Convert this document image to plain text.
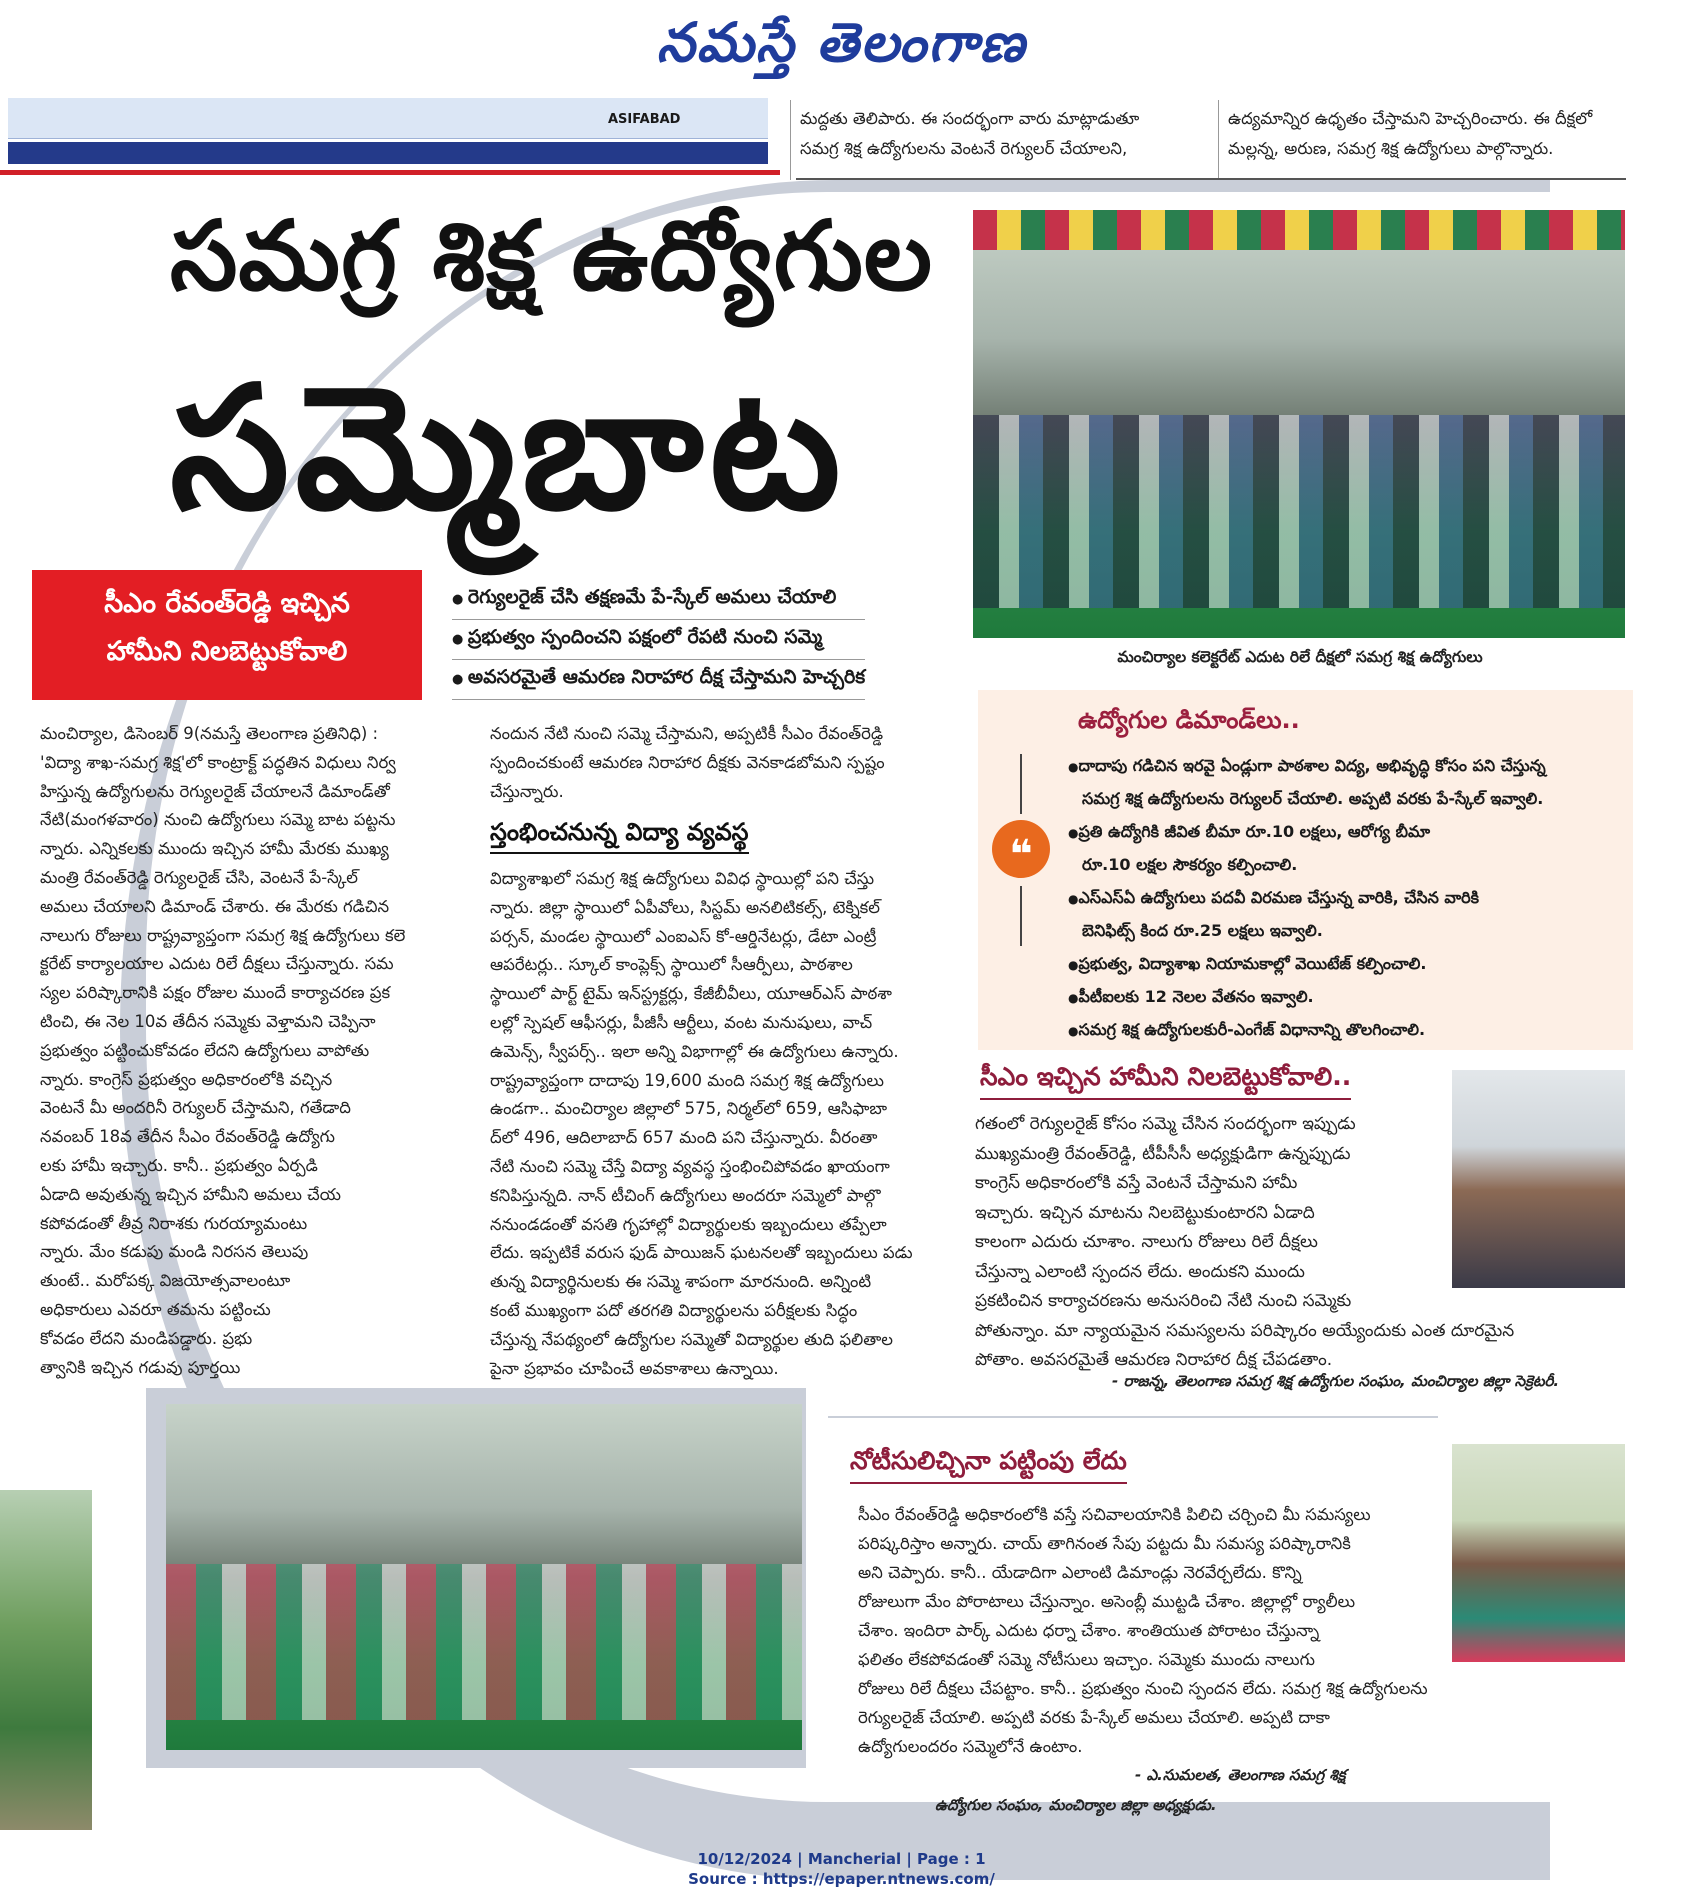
నమస్తే తెలంగాణ
ASIFABAD	మద్దతు తెలిపారు. ఈ సందర్భంగా వారు మాట్లాడుతూ
సమగ్ర శిక్ష ఉద్యోగులను వెంటనే రెగ్యులర్ చేయాలని,
ఉద్యమాన్నిర ఉధృతం చేస్తామని హెచ్చరించారు. ఈ దీక్షలో
మల్లన్న, అరుణ, సమగ్ర శిక్ష ఉద్యోగులు పాల్గొన్నారు.
సమగ్ర శిక్ష ఉద్యోగుల
సమ్మెబాట
మంచిర్యాల కలెక్టరేట్ ఎదుట రిలే దీక్షలో సమగ్ర శిక్ష ఉద్యోగులు
సీఎం రేవంత్‌రెడ్డి ఇచ్చిన
హామీని నిలబెట్టుకోవాలి
● రెగ్యులరైజ్ చేసి తక్షణమే పే-స్కేల్ అమలు చేయాలి
● ప్రభుత్వం స్పందించని పక్షంలో రేపటి నుంచి సమ్మె
● అవసరమైతే ఆమరణ నిరాహార దీక్ష చేస్తామని హెచ్చరిక
మంచిర్యాల, డిసెంబర్ 9(నమస్తే తెలంగాణ ప్రతినిధి) :
'విద్యా శాఖ-సమగ్ర శిక్ష'లో కాంట్రాక్ట్ పద్ధతిన విధులు నిర్వ
హిస్తున్న ఉద్యోగులను రెగ్యులరైజ్ చేయాలనే డిమాండ్‌తో
నేటి(మంగళవారం) నుంచి ఉద్యోగులు సమ్మె బాట పట్టను
న్నారు. ఎన్నికలకు ముందు ఇచ్చిన హామీ మేరకు ముఖ్య
మంత్రి రేవంత్‌రెడ్డి రెగ్యులరైజ్ చేసి, వెంటనే పే-స్కేల్
అమలు చేయాలని డిమాండ్ చేశారు. ఈ మేరకు గడిచిన
నాలుగు రోజులు రాష్ట్రవ్యాప్తంగా సమగ్ర శిక్ష ఉద్యోగులు కలె
క్టరేట్ కార్యాలయాల ఎదుట రిలే దీక్షలు చేస్తున్నారు. సమ
స్యల పరిష్కారానికి పక్షం రోజుల ముందే కార్యాచరణ ప్రక
టించి, ఈ నెల 10వ తేదీన సమ్మెకు వెళ్తామని చెప్పినా
ప్రభుత్వం పట్టించుకోవడం లేదని ఉద్యోగులు వాపోతు
న్నారు. కాంగ్రెస్ ప్రభుత్వం అధికారంలోకి వచ్చిన
వెంటనే మీ అందరినీ రెగ్యులర్ చేస్తామని, గతేడాది
నవంబర్ 18వ తేదీన సీఎం రేవంత్‌రెడ్డి ఉద్యోగు
లకు హామీ ఇచ్చారు. కానీ.. ప్రభుత్వం ఏర్పడి
ఏడాది అవుతున్న ఇచ్చిన హామీని అమలు చేయ
కపోవడంతో తీవ్ర నిరాశకు గురయ్యామంటు
న్నారు. మేం కడుపు మండి నిరసన తెలుపు
తుంటే.. మరోపక్క విజయోత్సవాలంటూ
అధికారులు ఎవరూ తమను పట్టించు
కోవడం లేదని మండిపడ్డారు. ప్రభు
త్వానికి ఇచ్చిన గడువు పూర్తయి
నందున నేటి నుంచి సమ్మె చేస్తామని, అప్పటికీ సీఎం రేవంత్‌రెడ్డి
స్పందించకుంటే ఆమరణ నిరాహార దీక్షకు వెనకాడబోమని స్పష్టం
చేస్తున్నారు.
స్తంభించనున్న విద్యా వ్యవస్థ
విద్యాశాఖలో సమగ్ర శిక్ష ఉద్యోగులు వివిధ స్థాయిల్లో పని చేస్తు
న్నారు. జిల్లా స్థాయిలో ఏపీవోలు, సిస్టమ్ అనలిటికల్స్, టెక్నికల్
పర్సన్, మండల స్థాయిలో ఎంఐఎస్ కో-ఆర్డినేటర్లు, డేటా ఎంట్రీ
ఆపరేటర్లు.. స్కూల్ కాంప్లెక్స్ స్థాయిలో సీఆర్పీలు, పాఠశాల
స్థాయిలో పార్ట్ టైమ్ ఇన్‌స్ట్రక్టర్లు, కేజీబీవీలు, యూఆర్ఎస్ పాఠశా
లల్లో స్పెషల్ ఆఫీసర్లు, పీజీసీ ఆర్టీలు, వంట మనుషులు, వాచ్
ఉమెన్స్, స్వీపర్స్.. ఇలా అన్ని విభాగాల్లో ఈ ఉద్యోగులు ఉన్నారు.
రాష్ట్రవ్యాప్తంగా దాదాపు 19,600 మంది సమగ్ర శిక్ష ఉద్యోగులు
ఉండగా.. మంచిర్యాల జిల్లాలో 575, నిర్మల్‌లో 659, ఆసిఫాబా
ద్‌లో 496, ఆదిలాబాద్ 657 మంది పని చేస్తున్నారు. వీరంతా
నేటి నుంచి సమ్మె చేస్తే విద్యా వ్యవస్థ స్తంభించిపోవడం ఖాయంగా
కనిపిస్తున్నది. నాన్ టీచింగ్ ఉద్యోగులు అందరూ సమ్మెలో పాల్గొ
ననుండడంతో వసతి గృహాల్లో విద్యార్థులకు ఇబ్బందులు తప్పేలా
లేదు. ఇప్పటికే వరుస ఫుడ్ పాయిజన్ ఘటనలతో ఇబ్బందులు పడు
తున్న విద్యార్థినులకు ఈ సమ్మె శాపంగా మారనుంది. అన్నింటి
కంటే ముఖ్యంగా పదో తరగతి విద్యార్థులను పరీక్షలకు సిద్ధం
చేస్తున్న నేపథ్యంలో ఉద్యోగుల సమ్మెతో విద్యార్థుల తుది ఫలితాల
పైనా ప్రభావం చూపించే అవకాశాలు ఉన్నాయి.
ఉద్యోగుల డిమాండ్‌లు..
❝
● దాదాపు గడిచిన ఇరవై ఏండ్లుగా పాఠశాల విద్య, అభివృద్ధి కోసం పని చేస్తున్న
సమగ్ర శిక్ష ఉద్యోగులను రెగ్యులర్ చేయాలి. అప్పటి వరకు పే-స్కేల్ ఇవ్వాలి.
● ప్రతి ఉద్యోగికి జీవిత బీమా రూ.10 లక్షలు, ఆరోగ్య బీమా
రూ.10 లక్షల సౌకర్యం కల్పించాలి.
● ఎస్ఎస్ఏ ఉద్యోగులు పదవీ విరమణ చేస్తున్న వారికి, చేసిన వారికి
బెనిఫిట్స్ కింద రూ.25 లక్షలు ఇవ్వాలి.
● ప్రభుత్వ, విద్యాశాఖ నియామకాల్లో వెయిటేజ్ కల్పించాలి.
● పీటీఐలకు 12 నెలల వేతనం ఇవ్వాలి.
● సమగ్ర శిక్ష ఉద్యోగులకురీ-ఎంగేజ్ విధానాన్ని తొలగించాలి.
సీఎం ఇచ్చిన హామీని నిలబెట్టుకోవాలి..
గతంలో రెగ్యులరైజ్ కోసం సమ్మె చేసిన సందర్భంగా ఇప్పుడు
ముఖ్యమంత్రి రేవంత్‌రెడ్డి, టీపీసీసీ అధ్యక్షుడిగా ఉన్నప్పుడు
కాంగ్రెస్ అధికారంలోకి వస్తే వెంటనే చేస్తామని హామీ
ఇచ్చారు. ఇచ్చిన మాటను నిలబెట్టుకుంటారని ఏడాది
కాలంగా ఎదురు చూశాం. నాలుగు రోజులు రిలే దీక్షలు
చేస్తున్నా ఎలాంటి స్పందన లేదు. అందుకని ముందు
ప్రకటించిన కార్యాచరణను అనుసరించి నేటి నుంచి సమ్మెకు
పోతున్నాం. మా న్యాయమైన సమస్యలను పరిష్కారం అయ్యేందుకు ఎంత దూరమైన
పోతాం. అవసరమైతే ఆమరణ నిరాహార దీక్ష చేపడతాం.
- రాజన్న, తెలంగాణ సమగ్ర శిక్ష ఉద్యోగుల సంఘం, మంచిర్యాల జిల్లా సెక్రెటరీ.
నోటీసులిచ్చినా పట్టింపు లేదు
సీఎం రేవంత్‌రెడ్డి అధికారంలోకి వస్తే సచివాలయానికి పిలిచి చర్చించి మీ సమస్యలు
పరిష్కరిస్తాం అన్నారు. చాయ్ తాగినంత సేపు పట్టదు మీ సమస్య పరిష్కారానికి
అని చెప్పారు. కానీ.. యేడాదిగా ఎలాంటి డిమాండ్లు నెరవేర్చలేదు. కొన్ని
రోజులుగా మేం పోరాటాలు చేస్తున్నాం. అసెంబ్లీ ముట్టడి చేశాం. జిల్లాల్లో ర్యాలీలు
చేశాం. ఇందిరా పార్క్ ఎదుట ధర్నా చేశాం. శాంతియుత పోరాటం చేస్తున్నా
ఫలితం లేకపోవడంతో సమ్మె నోటీసులు ఇచ్చాం. సమ్మెకు ముందు నాలుగు
రోజులు రిలే దీక్షలు చేపట్టాం. కానీ.. ప్రభుత్వం నుంచి స్పందన లేదు. సమగ్ర శిక్ష ఉద్యోగులను
రెగ్యులరైజ్ చేయాలి. అప్పటి వరకు పే-స్కేల్ అమలు చేయాలి. అప్పటి దాకా
ఉద్యోగులందరం సమ్మెలోనే ఉంటాం.
- ఎ.సుమలత, తెలంగాణ సమగ్ర శిక్ష
ఉద్యోగుల సంఘం, మంచిర్యాల జిల్లా అధ్యక్షుడు.
10/12/2024 | Mancherial | Page : 1
Source : https://epaper.ntnews.com/
